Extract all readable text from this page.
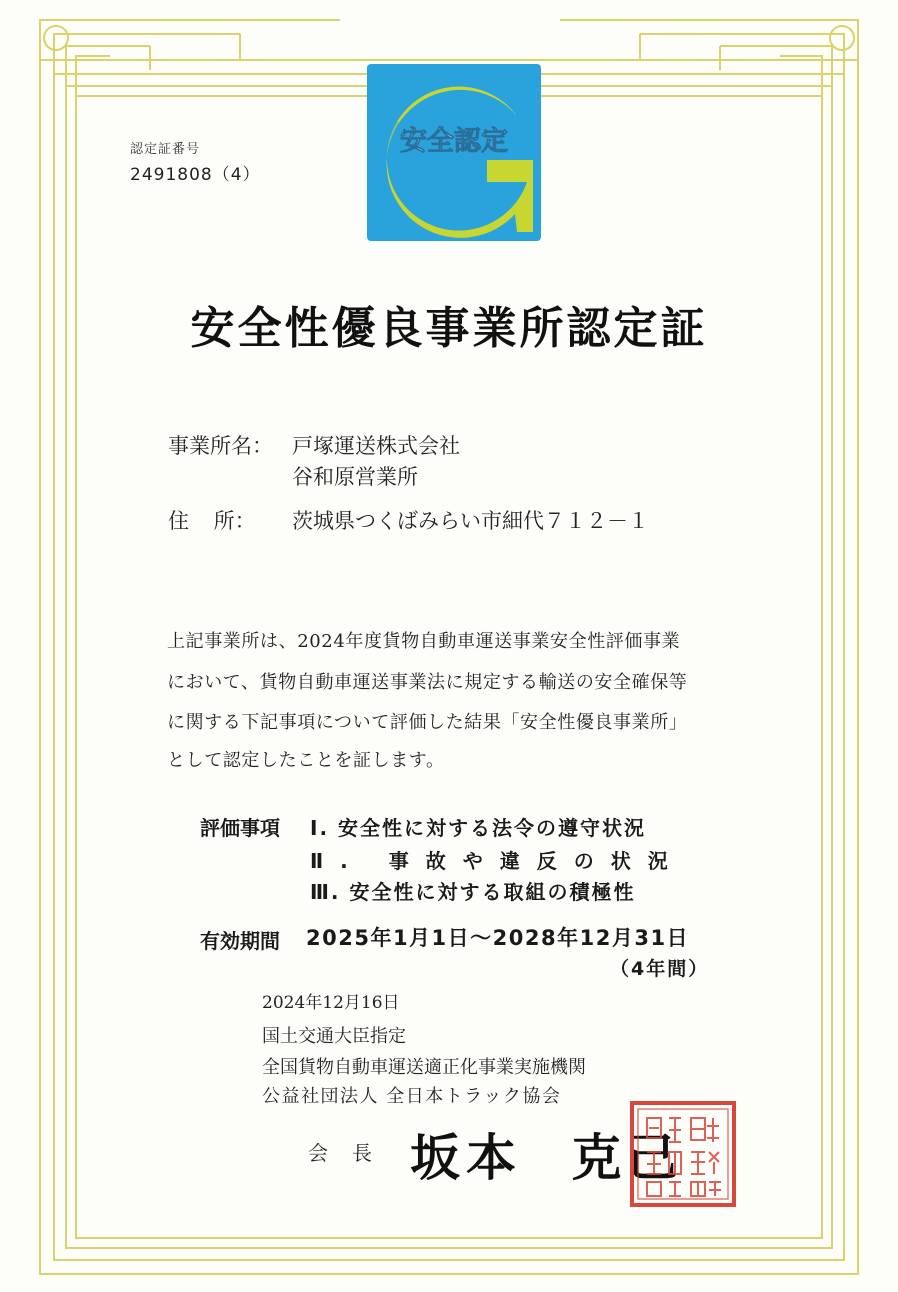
認定証番号
2491808（4）
安全認定
安全性優良事業所認定証
事業所名： 戸塚運送株式会社
谷和原営業所
住 所： 茨城県つくばみらい市細代７１２－１
上記事業所は、2024年度貨物自動車運送事業安全性評価事業
において、貨物自動車運送事業法に規定する輸送の安全確保等
に関する下記事項について評価した結果「安全性優良事業所」
として認定したことを証します。
評価事項 Ⅰ. 安全性に対する法令の遵守状況
Ⅱ. 事故や違反の状況
Ⅲ. 安全性に対する取組の積極性
有効期間 2025年1月1日～2028年12月31日
（4年間）
2024年12月16日
国土交通大臣指定
全国貨物自動車運送適正化事業実施機関
公益社団法人 全日本トラック協会
会長 坂本 克己
